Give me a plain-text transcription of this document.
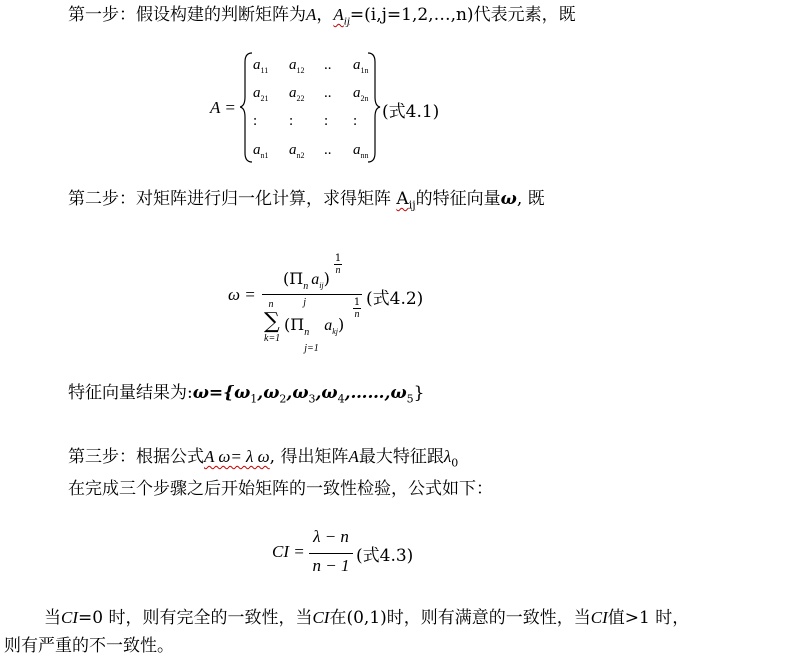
第一步：假设构建的判断矩阵为A，$A_{ij}=(i,j=1,2,\dots,n)$代表元素，既
A =
$a_{11}$ $a_{12}$ .. $a_{1n}$
$a_{21}$ $a_{22}$ .. $a_{2n}$
: : : :
$a_{n1}$ $a_{n2}$ .. $a_{nn}$
(式4.1)
第二步：对矩阵进行归一化计算，求得矩阵 $A_{ij}$的特征向量ω, 既
ω =
(Π n
j
$a_{ij}$)
1
n
n
∑
k=1
(Π n
j=1
$a_{kj}$)
1
n
(式4.2)
特征向量结果为$:\omega=\{\omega_1,\omega_2,\omega_3,\omega_4,\dots\dots,\omega_5\}$
第三步：根据公式A ω= λ ω, 得出矩阵A最大特征跟$\lambda_0$
在完成三个步骤之后开始矩阵的一致性检验，公式如下：
CI =
λ − n
n − 1 (式4.3)
当CI=0 时，则有完全的一致性，当CI在(0,1)时，则有满意的一致性，当CI值>1 时，
则有严重的不一致性。
